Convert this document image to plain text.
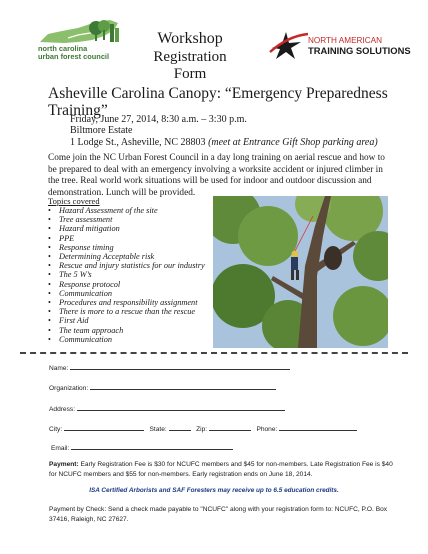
north carolina
urban forest council
Workshop
Registration Form
NORTH AMERICAN
TRAINING SOLUTIONS
Asheville Carolina Canopy: “Emergency Preparedness Training”
Friday, June 27, 2014, 8:30 a.m. – 3:30 p.m.
Biltmore Estate
1 Lodge St., Asheville, NC 28803 (meet at Entrance Gift Shop parking area)
Come join the NC Urban Forest Council in a day long training on aerial rescue and how to be prepared to deal with an emergency involving a worksite accident or injured climber in the tree. Real world work situations will be used for indoor and outdoor discussion and demonstration. Lunch will be provided.
Topics covered
• Hazard Assessment of the site
• Tree assessment
• Hazard mitigation
• PPE
• Response timing
• Determining Acceptable risk
• Rescue and injury statistics for our industry
• The 5 W’s
• Response protocol
• Communication
• Procedures and responsibility assignment
• There is more to a rescue than the rescue
• First Aid
• The team approach
• Communication
Name:
Organization:
Address:
City:	State:	Zip:	Phone:
Email:
Payment: Early Registration Fee is $30 for NCUFC members and $45 for non-members. Late Registration Fee is $40 for NCUFC members and $55 for non-members. Early registration ends on June 18, 2014.
ISA Certified Arborists and SAF Foresters may receive up to 6.5 education credits.
Payment by Check: Send a check made payable to "NCUFC" along with your registration form to: NCUFC, P.O. Box 37416, Raleigh, NC 27627.
